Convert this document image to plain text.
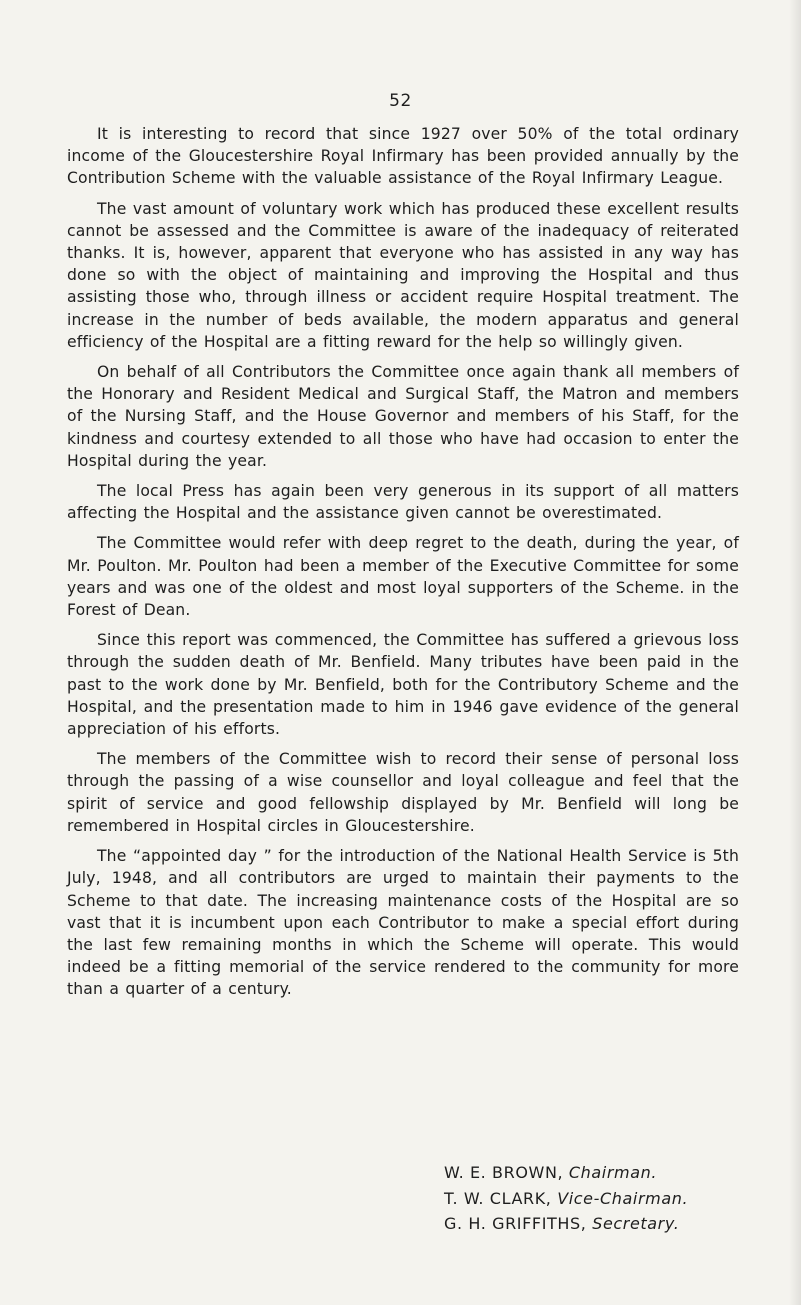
52

It is interesting to record that since 1927 over 50% of the total ordinary income of the Gloucestershire Royal Infirmary has been provided annually by the Contribution Scheme with the valuable assistance of the Royal Infirmary League.

The vast amount of voluntary work which has produced these excellent results cannot be assessed and the Committee is aware of the inadequacy of reiterated thanks. It is, however, apparent that everyone who has assisted in any way has done so with the object of maintaining and improving the Hospital and thus assisting those who, through illness or accident require Hospital treatment. The increase in the number of beds available, the modern apparatus and general efficiency of the Hospital are a fitting reward for the help so willingly given.

On behalf of all Contributors the Committee once again thank all members of the Honorary and Resident Medical and Surgical Staff, the Matron and members of the Nursing Staff, and the House Governor and members of his Staff, for the kindness and courtesy extended to all those who have had occasion to enter the Hospital during the year.

The local Press has again been very generous in its support of all matters affecting the Hospital and the assistance given cannot be overestimated.

The Committee would refer with deep regret to the death, during the year, of Mr. Poulton. Mr. Poulton had been a member of the Executive Committee for some years and was one of the oldest and most loyal supporters of the Scheme. in the Forest of Dean.

Since this report was commenced, the Committee has suffered a grievous loss through the sudden death of Mr. Benfield. Many tributes have been paid in the past to the work done by Mr. Benfield, both for the Contributory Scheme and the Hospital, and the presentation made to him in 1946 gave evidence of the general appreciation of his efforts.

The members of the Committee wish to record their sense of personal loss through the passing of a wise counsellor and loyal colleague and feel that the spirit of service and good fellowship displayed by Mr. Benfield will long be remembered in Hospital circles in Gloucestershire.

The “appointed day ” for the introduction of the National Health Service is 5th July, 1948, and all contributors are urged to maintain their payments to the Scheme to that date. The increasing maintenance costs of the Hospital are so vast that it is incumbent upon each Contributor to make a special effort during the last few remaining months in which the Scheme will operate. This would indeed be a fitting memorial of the service rendered to the community for more than a quarter of a century.

W. E. BROWN, Chairman.
T. W. CLARK, Vice-Chairman.
G. H. GRIFFITHS, Secretary.
